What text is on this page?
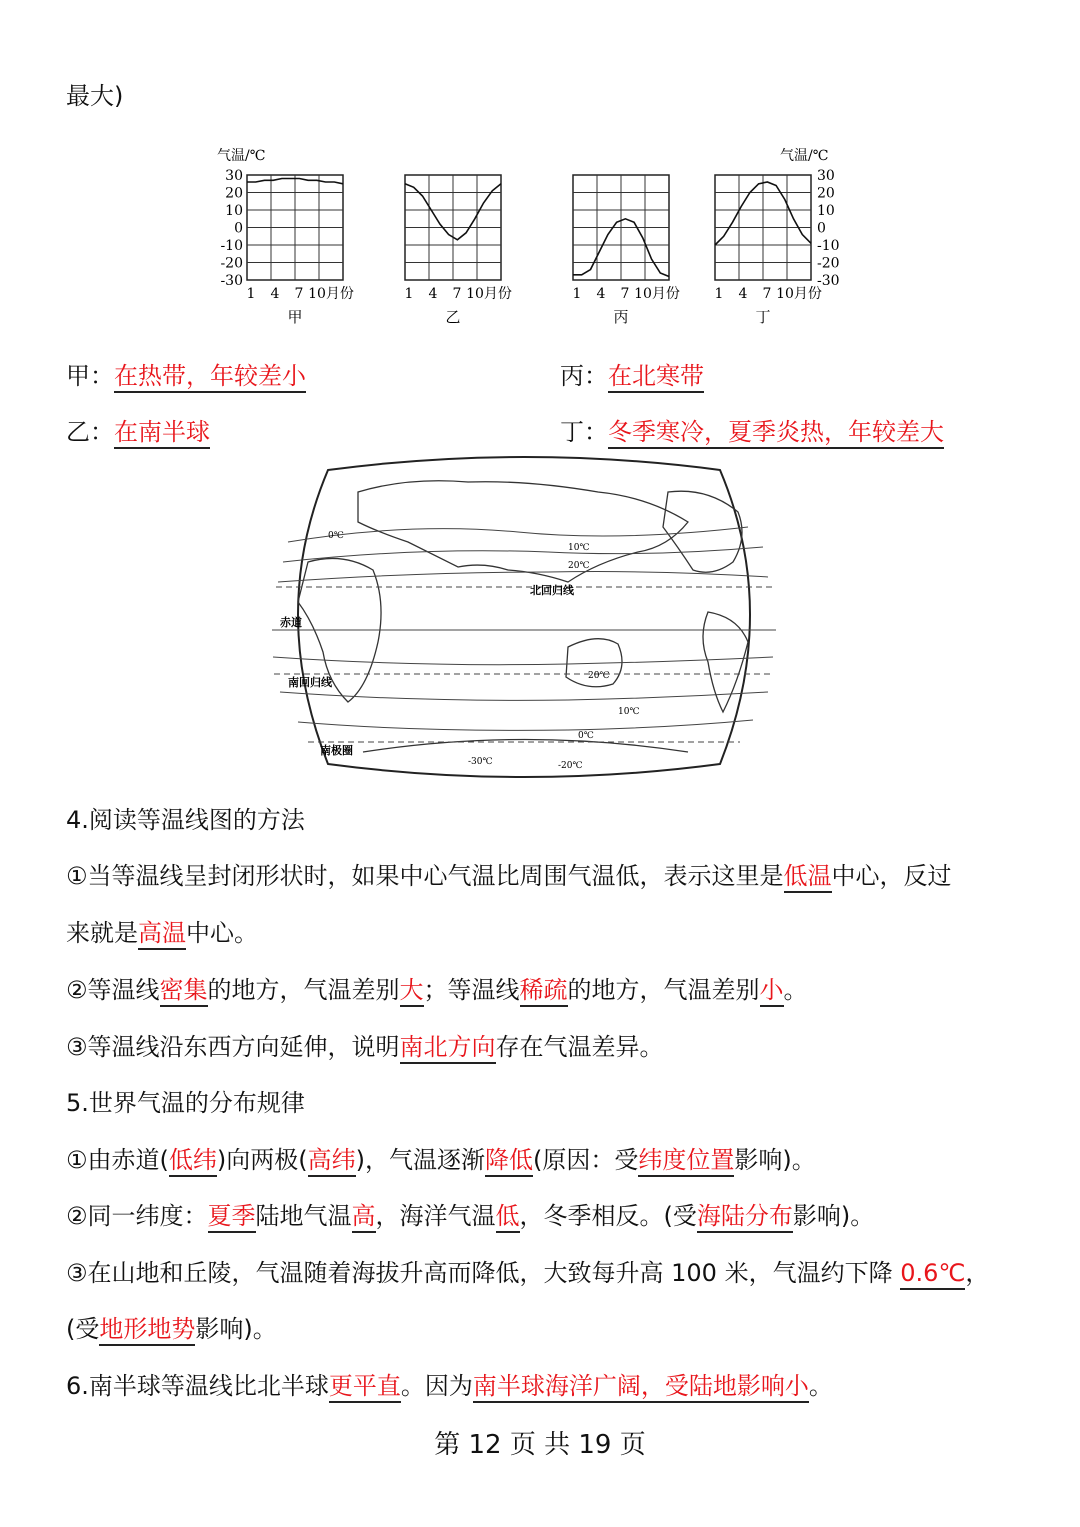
最大)
气温/℃	气温/℃
1 4 7 10月份
甲
1 4 7 10月份
乙
1 4 7 10月份
丙
1 4 7 10月份
丁
30	30
20	20
10	10
0	0
-10	-10
-20	-20
-30	-30
甲：在热带，年较差小	丙：在北寒带
乙：在南半球	丁：冬季寒冷，夏季炎热，年较差大
北回归线
赤道
南回归线
南极圈
0℃
10℃
20℃
20℃
10℃
0℃
-30℃	-20℃
4.阅读等温线图的方法
①当等温线呈封闭形状时，如果中心气温比周围气温低，表示这里是低温中心，反过
来就是高温中心。
②等温线密集的地方，气温差别大；等温线稀疏的地方，气温差别小。
③等温线沿东西方向延伸，说明南北方向存在气温差异。
5.世界气温的分布规律
①由赤道(低纬)向两极(高纬)，气温逐渐降低(原因：受纬度位置影响)。
②同一纬度：夏季陆地气温高，海洋气温低，冬季相反。(受海陆分布影响)。
③在山地和丘陵，气温随着海拔升高而降低，大致每升高 100 米，气温约下降 0.6℃，
(受地形地势影响)。
6.南半球等温线比北半球更平直。因为南半球海洋广阔，受陆地影响小。
第 12 页 共 19 页
